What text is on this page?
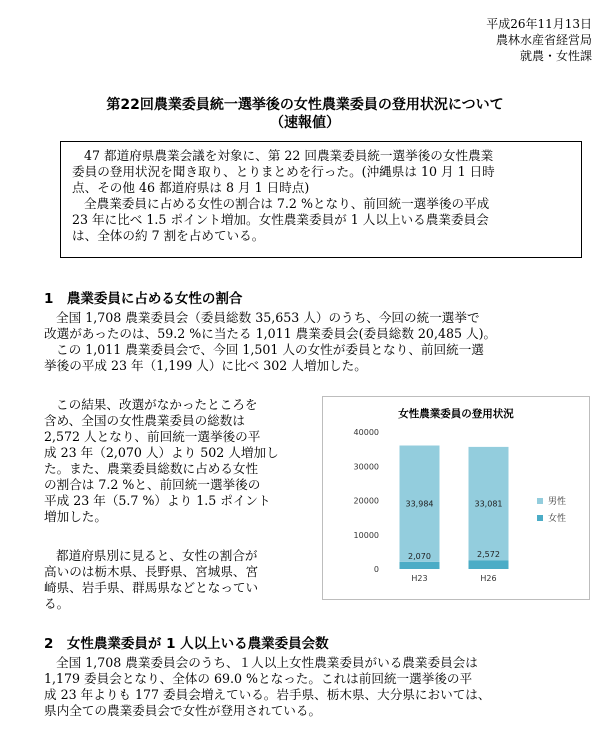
平成26年11月13日
農林水産省経営局
就農・女性課
第22回農業委員統一選挙後の女性農業委員の登用状況について
（速報値）
47 都道府県農業会議を対象に、第 22 回農業委員統一選挙後の女性農業
委員の登用状況を聞き取り、とりまとめを行った。(沖縄県は 10 月 1 日時
点、その他 46 都道府県は 8 月 1 日時点)
全農業委員に占める女性の割合は 7.2 %となり、前回統一選挙後の平成
23 年に比べ 1.5 ポイント増加。女性農業委員が 1 人以上いる農業委員会
は、全体の約 7 割を占めている。
1　農業委員に占める女性の割合
全国 1,708 農業委員会（委員総数 35,653 人）のうち、今回の統一選挙で
改選があったのは、59.2 %に当たる 1,011 農業委員会(委員総数 20,485 人)。
この 1,011 農業委員会で、今回 1,501 人の女性が委員となり、前回統一選
挙後の平成 23 年（1,199 人）に比べ 302 人増加した。
この結果、改選がなかったところを
含め、全国の女性農業委員の総数は
2,572 人となり、前回統一選挙後の平
成 23 年（2,070 人）より 502 人増加し
た。また、農業委員総数に占める女性
の割合は 7.2 %と、前回統一選挙後の
平成 23 年（5.7 %）より 1.5 ポイント
増加した。
都道府県別に見ると、女性の割合が
高いのは栃木県、長野県、宮城県、宮
崎県、岩手県、群馬県などとなってい
る。
女性農業委員の登用状況
0
10000
20000
30000
40000
33,984
2,070
H23
33,081
2,572
H26
男性
女性
2　女性農業委員が 1 人以上いる農業委員会数
全国 1,708 農業委員会のうち、１人以上女性農業委員がいる農業委員会は
1,179 委員会となり、全体の 69.0 %となった。これは前回統一選挙後の平
成 23 年よりも 177 委員会増えている。岩手県、栃木県、大分県においては、
県内全ての農業委員会で女性が登用されている。
